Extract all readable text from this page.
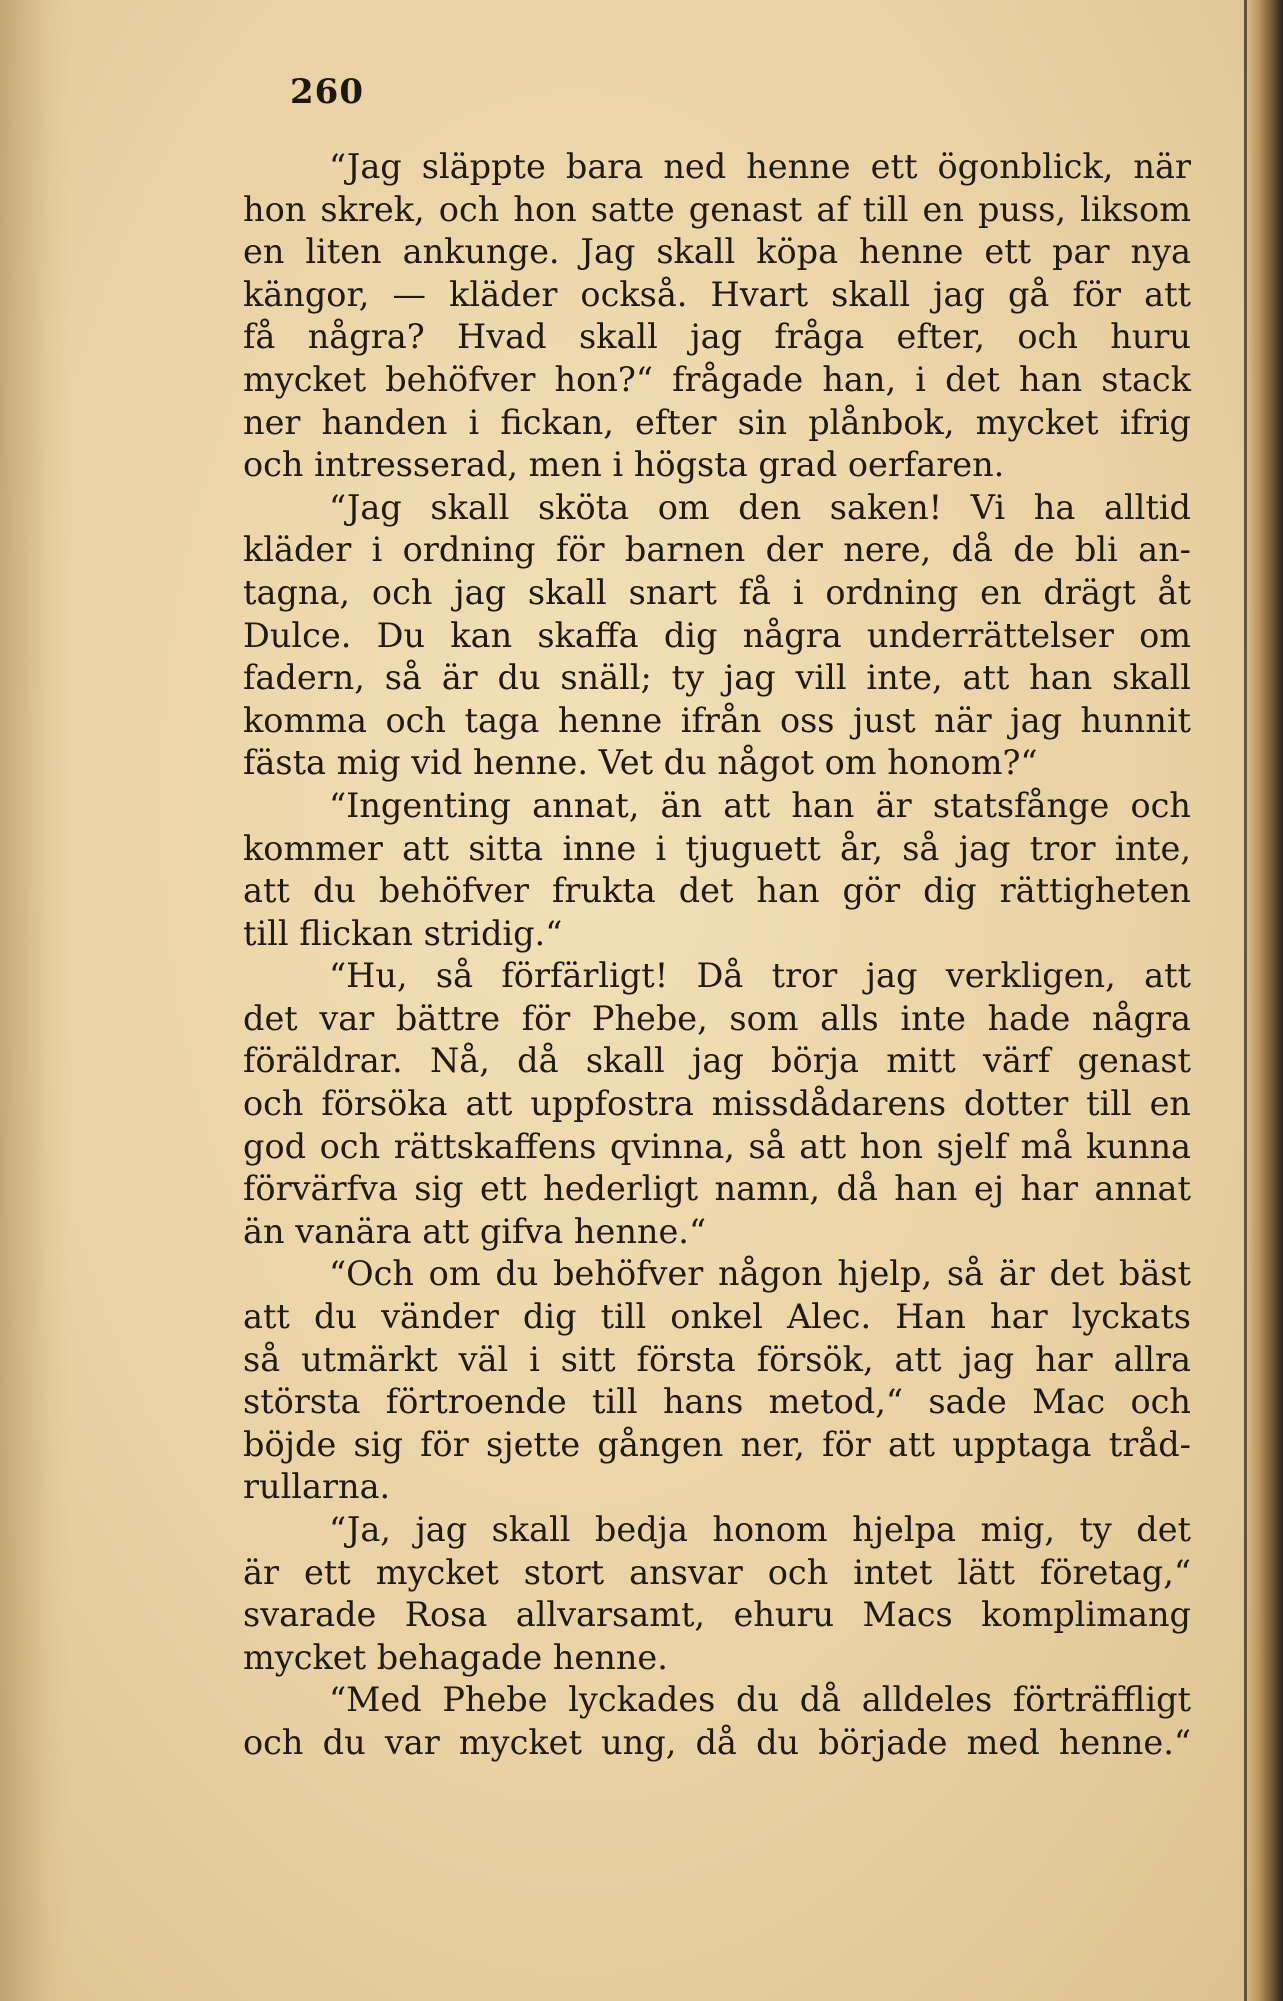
260
“Jag släppte bara ned henne ett ögonblick, när
hon skrek, och hon satte genast af till en puss, liksom
en liten ankunge. Jag skall köpa henne ett par nya
kängor, — kläder också. Hvart skall jag gå för att
få några? Hvad skall jag fråga efter, och huru
mycket behöfver hon?“ frågade han, i det han stack
ner handen i fickan, efter sin plånbok, mycket ifrig
och intresserad, men i högsta grad oerfaren.
“Jag skall sköta om den saken! Vi ha alltid
kläder i ordning för barnen der nere, då de bli an-
tagna, och jag skall snart få i ordning en drägt åt
Dulce. Du kan skaffa dig några underrättelser om
fadern, så är du snäll; ty jag vill inte, att han skall
komma och taga henne ifrån oss just när jag hunnit
fästa mig vid henne. Vet du något om honom?“
“Ingenting annat, än att han är statsfånge och
kommer att sitta inne i tjuguett år, så jag tror inte,
att du behöfver frukta det han gör dig rättigheten
till flickan stridig.“
“Hu, så förfärligt! Då tror jag verkligen, att
det var bättre för Phebe, som alls inte hade några
föräldrar. Nå, då skall jag börja mitt värf genast
och försöka att uppfostra missdådarens dotter till en
god och rättskaffens qvinna, så att hon sjelf må kunna
förvärfva sig ett hederligt namn, då han ej har annat
än vanära att gifva henne.“
“Och om du behöfver någon hjelp, så är det bäst
att du vänder dig till onkel Alec. Han har lyckats
så utmärkt väl i sitt första försök, att jag har allra
största förtroende till hans metod,“ sade Mac och
böjde sig för sjette gången ner, för att upptaga tråd-
rullarna.
“Ja, jag skall bedja honom hjelpa mig, ty det
är ett mycket stort ansvar och intet lätt företag,“
svarade Rosa allvarsamt, ehuru Macs komplimang
mycket behagade henne.
“Med Phebe lyckades du då alldeles förträffligt
och du var mycket ung, då du började med henne.“
